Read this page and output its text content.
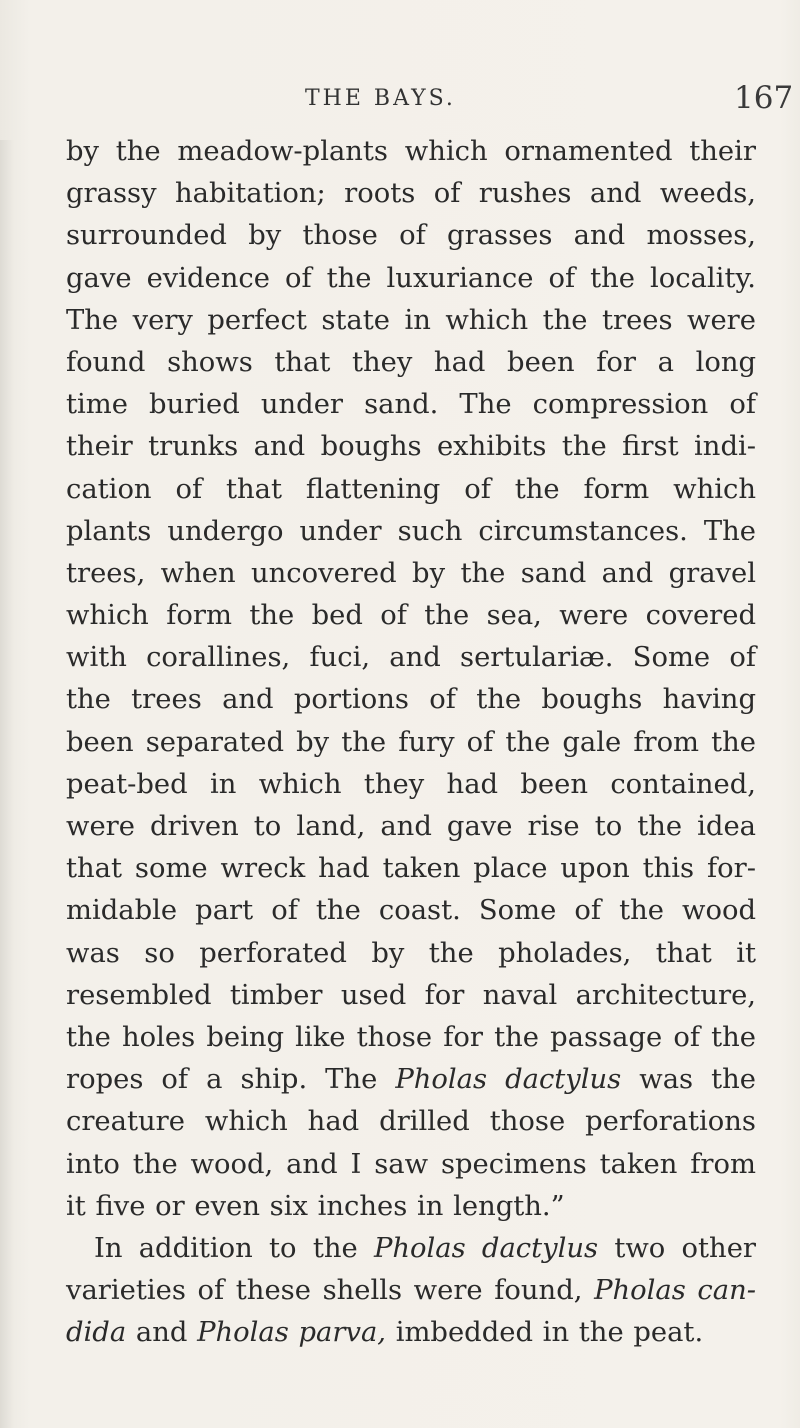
THE BAYS.	167
by the meadow-plants which ornamented their
grassy habitation; roots of rushes and weeds,
surrounded by those of grasses and mosses,
gave evidence of the luxuriance of the locality.
The very perfect state in which the trees were
found shows that they had been for a long
time buried under sand. The compression of
their trunks and boughs exhibits the first indi-
cation of that flattening of the form which
plants undergo under such circumstances. The
trees, when uncovered by the sand and gravel
which form the bed of the sea, were covered
with corallines, fuci, and sertulariæ. Some of
the trees and portions of the boughs having
been separated by the fury of the gale from the
peat-bed in which they had been contained,
were driven to land, and gave rise to the idea
that some wreck had taken place upon this for-
midable part of the coast. Some of the wood
was so perforated by the pholades, that it
resembled timber used for naval architecture,
the holes being like those for the passage of the
ropes of a ship. The Pholas dactylus was the
creature which had drilled those perforations
into the wood, and I saw specimens taken from
it five or even six inches in length.”
In addition to the Pholas dactylus two other
varieties of these shells were found, Pholas can-
dida and Pholas parva, imbedded in the peat.
